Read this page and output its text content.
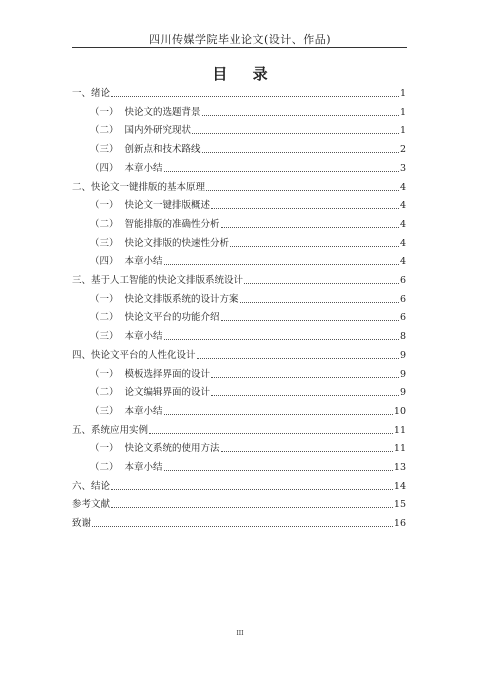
四川传媒学院毕业论文(设计、作品)
目 录
一、绪论	1
（一） 快论文的选题背景	1
（二） 国内外研究现状	1
（三） 创新点和技术路线	2
（四） 本章小结	3
二、快论文一键排版的基本原理	4
（一） 快论文一键排版概述	4
（二） 智能排版的准确性分析	4
（三） 快论文排版的快速性分析	4
（四） 本章小结	4
三、基于人工智能的快论文排版系统设计	6
（一） 快论文排版系统的设计方案	6
（二） 快论文平台的功能介绍	6
（三） 本章小结	8
四、快论文平台的人性化设计	9
（一） 模板选择界面的设计	9
（二） 论文编辑界面的设计	9
（三） 本章小结	10
五、系统应用实例	11
（一） 快论文系统的使用方法	11
（二） 本章小结	13
六、结论	14
参考文献	15
致谢	16
III
